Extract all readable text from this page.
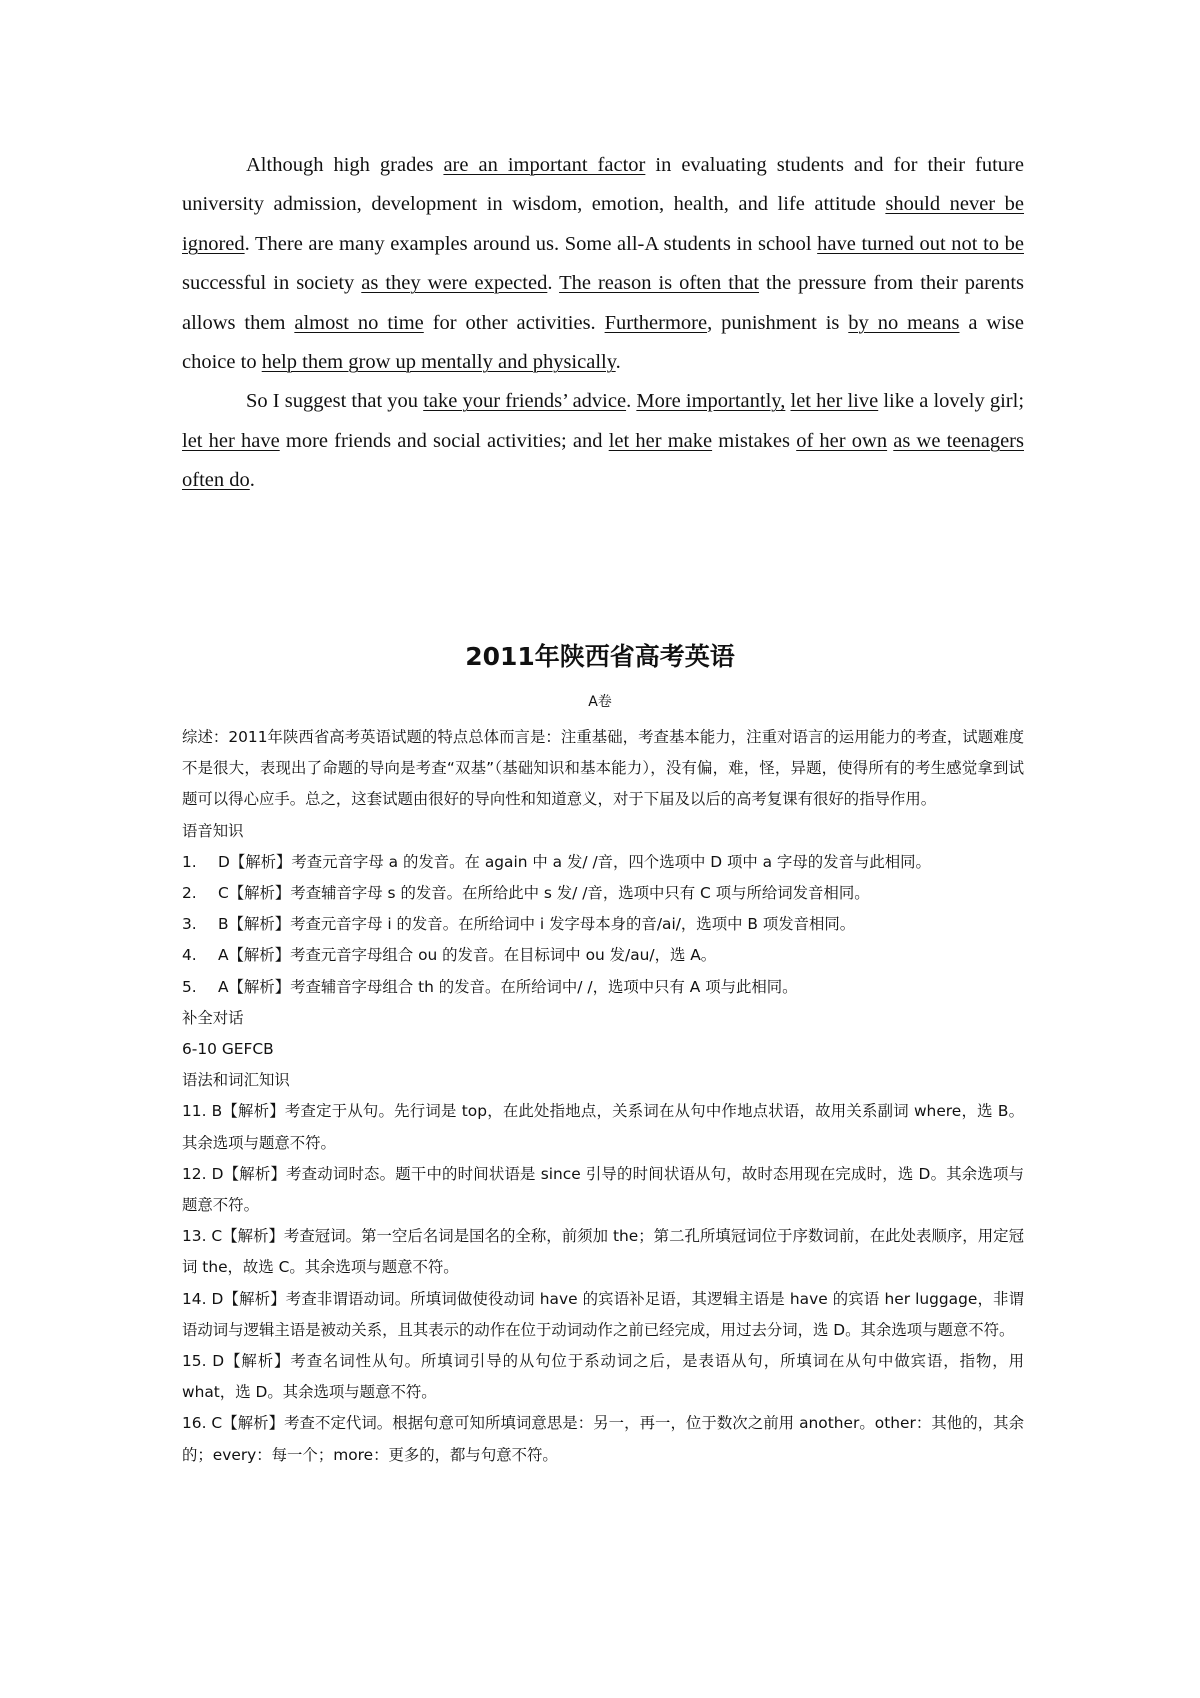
Although high grades are an important factor in evaluating students and for their future university admission, development in wisdom, emotion, health, and life attitude should never be ignored. There are many examples around us. Some all-A students in school have turned out not to be successful in society as they were expected. The reason is often that the pressure from their parents allows them almost no time for other activities. Furthermore, punishment is by no means a wise choice to help them grow up mentally and physically.

So I suggest that you take your friends’ advice. More importantly, let her live like a lovely girl; let her have more friends and social activities; and let her make mistakes of her own as we teenagers often do.

2011年陕西省高考英语
A卷

综述：2011年陕西省高考英语试题的特点总体而言是：注重基础，考查基本能力，注重对语言的运用能力的考查，试题难度不是很大，表现出了命题的导向是考查“双基”（基础知识和基本能力），没有偏，难，怪，异题，使得所有的考生感觉拿到试题可以得心应手。总之，这套试题由很好的导向性和知道意义，对于下届及以后的高考复课有很好的指导作用。

语音知识

1. D【解析】考查元音字母 a 的发音。在 again 中 a 发/ /音，四个选项中 D 项中 a 字母的发音与此相同。

2. C【解析】考查辅音字母 s 的发音。在所给此中 s 发/ /音，选项中只有 C 项与所给词发音相同。

3. B【解析】考查元音字母 i 的发音。在所给词中 i 发字母本身的音/ai/，选项中 B 项发音相同。

4. A【解析】考查元音字母组合 ou 的发音。在目标词中 ou 发/au/，选 A。

5. A【解析】考查辅音字母组合 th 的发音。在所给词中/ /，选项中只有 A 项与此相同。

补全对话

6-10 GEFCB

语法和词汇知识

11. B【解析】考查定于从句。先行词是 top，在此处指地点，关系词在从句中作地点状语，故用关系副词 where，选 B。其余选项与题意不符。

12. D【解析】考查动词时态。题干中的时间状语是 since 引导的时间状语从句，故时态用现在完成时，选 D。其余选项与题意不符。

13. C【解析】考查冠词。第一空后名词是国名的全称，前须加 the；第二孔所填冠词位于序数词前，在此处表顺序，用定冠词 the，故选 C。其余选项与题意不符。

14. D【解析】考查非谓语动词。所填词做使役动词 have 的宾语补足语，其逻辑主语是 have 的宾语 her luggage，非谓语动词与逻辑主语是被动关系，且其表示的动作在位于动词动作之前已经完成，用过去分词，选 D。其余选项与题意不符。

15. D【解析】考查名词性从句。所填词引导的从句位于系动词之后，是表语从句，所填词在从句中做宾语，指物，用 what，选 D。其余选项与题意不符。

16. C【解析】考查不定代词。根据句意可知所填词意思是：另一，再一，位于数次之前用 another。other：其他的，其余的；every：每一个；more：更多的，都与句意不符。
